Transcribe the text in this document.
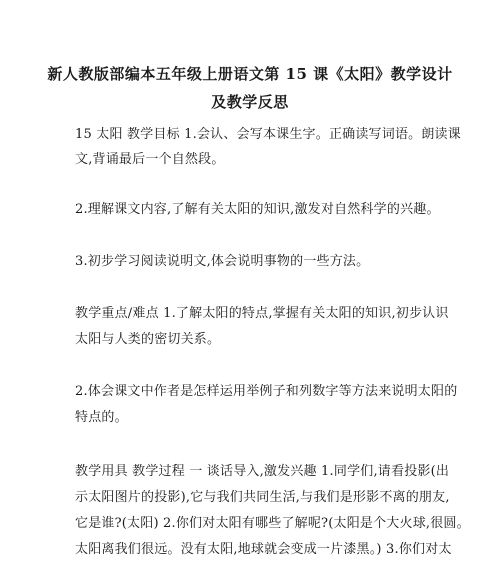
新人教版部编本五年级上册语文第 15 课《太阳》教学设计
及教学反思
15 太阳 教学目标 1.会认、会写本课生字。正确读写词语。朗读课
文,背诵最后一个自然段。
2.理解课文内容,了解有关太阳的知识,激发对自然科学的兴趣。
3.初步学习阅读说明文,体会说明事物的一些方法。
教学重点/难点 1.了解太阳的特点,掌握有关太阳的知识,初步认识
太阳与人类的密切关系。
2.体会课文中作者是怎样运用举例子和列数字等方法来说明太阳的
特点的。
教学用具 教学过程 一 谈话导入,激发兴趣 1.同学们,请看投影(出
示太阳图片的投影),它与我们共同生活,与我们是形影不离的朋友,
它是谁?(太阳) 2.你们对太阳有哪些了解呢?(太阳是个大火球,很圆。
太阳离我们很远。没有太阳,地球就会变成一片漆黑。) 3.你们对太
